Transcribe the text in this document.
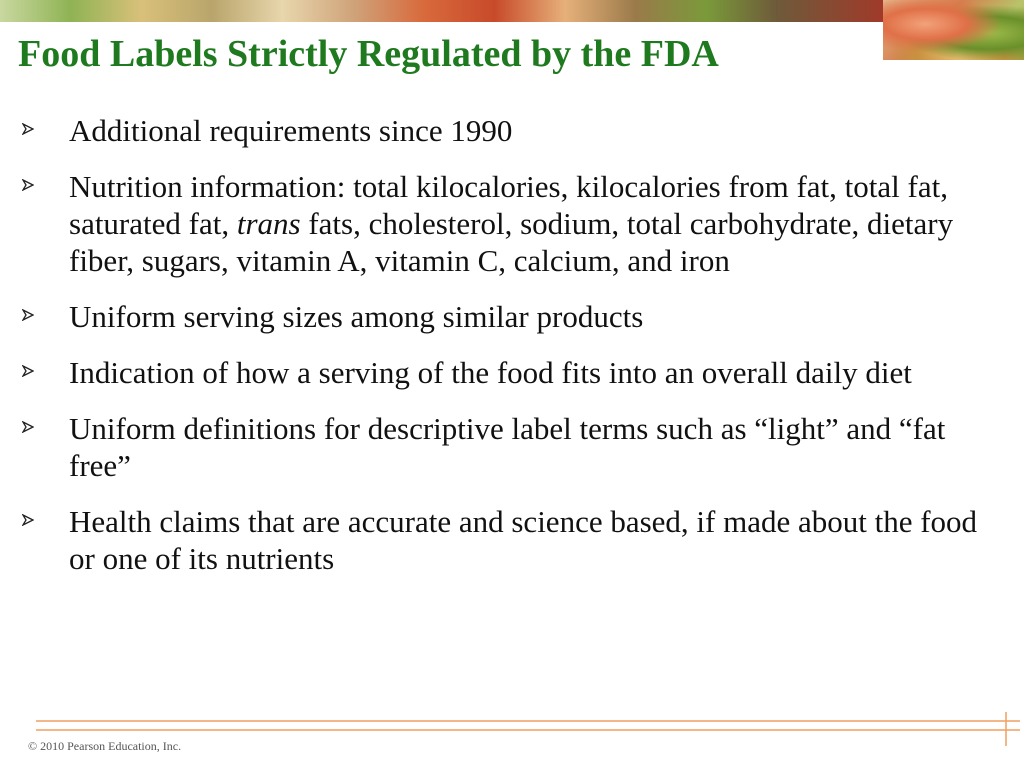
Food Labels Strictly Regulated by the FDA
Additional requirements since 1990
Nutrition information: total kilocalories, kilocalories from fat, total fat, saturated fat, trans fats, cholesterol, sodium, total carbohydrate, dietary fiber, sugars, vitamin A, vitamin C, calcium, and iron
Uniform serving sizes among similar products
Indication of how a serving of the food fits into an overall daily diet
Uniform definitions for descriptive label terms such as “light” and “fat free”
Health claims that are accurate and science based, if made about the food or one of its nutrients
© 2010 Pearson Education, Inc.
